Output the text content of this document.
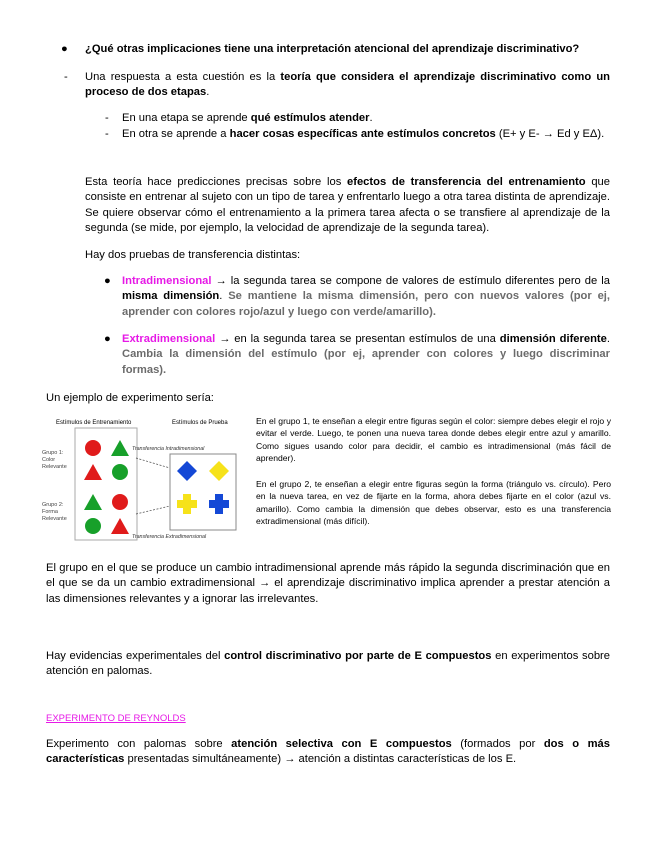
● ¿Qué otras implicaciones tiene una interpretación atencional del aprendizaje discriminativo?
- Una respuesta a esta cuestión es la teoría que considera el aprendizaje discriminativo como un proceso de dos etapas.
- En una etapa se aprende qué estímulos atender.
- En otra se aprende a hacer cosas específicas ante estímulos concretos (E+ y E- → Ed y EΔ).
Esta teoría hace predicciones precisas sobre los efectos de transferencia del entrenamiento que consiste en entrenar al sujeto con un tipo de tarea y enfrentarlo luego a otra tarea distinta de aprendizaje. Se quiere observar cómo el entrenamiento a la primera tarea afecta o se transfiere al aprendizaje de la segunda (se mide, por ejemplo, la velocidad de aprendizaje de la segunda tarea).
Hay dos pruebas de transferencia distintas:
● Intradimensional → la segunda tarea se compone de valores de estímulo diferentes pero de la misma dimensión. Se mantiene la misma dimensión, pero con nuevos valores (por ej, aprender con colores rojo/azul y luego con verde/amarillo).
● Extradimensional → en la segunda tarea se presentan estímulos de una dimensión diferente. Cambia la dimensión del estímulo (por ej, aprender con colores y luego discriminar formas).
Un ejemplo de experimento sería:
Estímulos de Entrenamiento	Estímulos de Prueba
Grupo 1:
Color
Relevante
Grupo 2:
Forma
Relevante
Transferencia Intradimensional
Transferencia Extradimensional
En el grupo 1, te enseñan a elegir entre figuras según el color: siempre debes elegir el rojo y evitar el verde. Luego, te ponen una nueva tarea donde debes elegir entre azul y amarillo. Como sigues usando color para decidir, el cambio es intradimensional (más fácil de aprender).
En el grupo 2, te enseñan a elegir entre figuras según la forma (triángulo vs. círculo). Pero en la nueva tarea, en vez de fijarte en la forma, ahora debes fijarte en el color (azul vs. amarillo). Como cambia la dimensión que debes observar, esto es una transferencia extradimensional (más difícil).
El grupo en el que se produce un cambio intradimensional aprende más rápido la segunda discriminación que en el que se da un cambio extradimensional → el aprendizaje discriminativo implica aprender a prestar atención a las dimensiones relevantes y a ignorar las irrelevantes.
Hay evidencias experimentales del control discriminativo por parte de E compuestos en experimentos sobre atención en palomas.
EXPERIMENTO DE REYNOLDS
Experimento con palomas sobre atención selectiva con E compuestos (formados por dos o más características presentadas simultáneamente) → atención a distintas características de los E.
